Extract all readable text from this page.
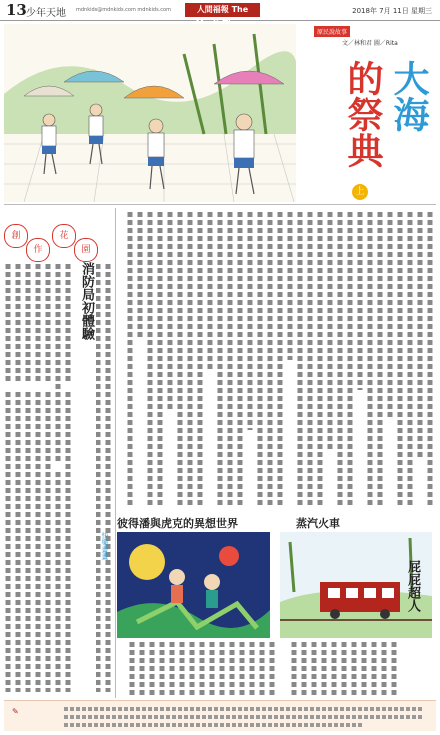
13 少年天地 mdnkids@mdnkids.com mdnkids.com	人間福報 The	2018年 7月 11日 星期三
原民說故事
文／林和君 圖／Rita
大海
的祭典
上
創
作
花
園
消防局初體驗
彼得潘與虎克的異想世界
快樂畫畫
蒸汽火車
屁屁超人
✎
